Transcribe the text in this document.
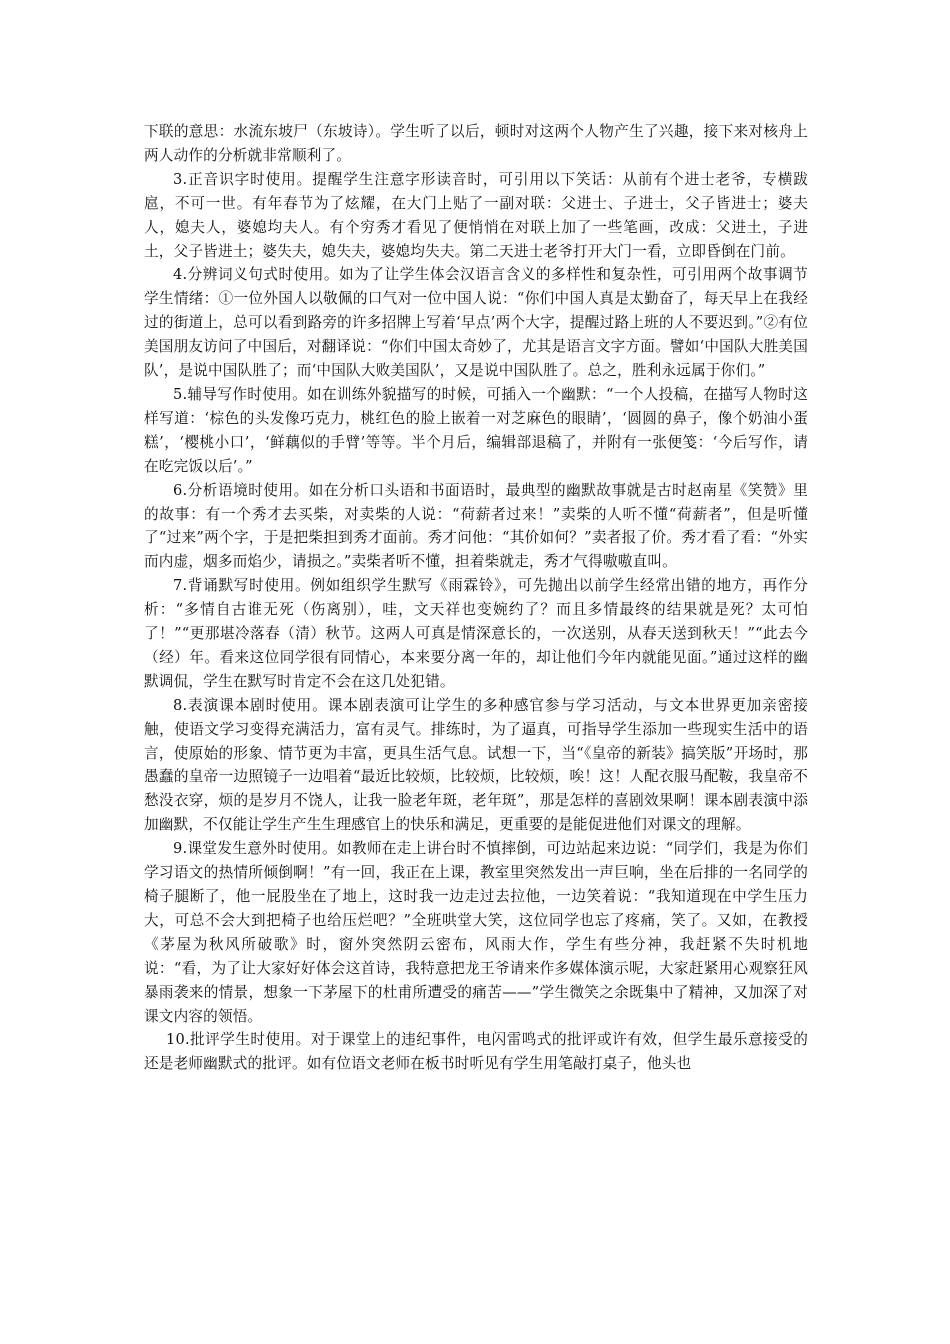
下联的意思：水流东坡尸（东坡诗）。学生听了以后，顿时对这两个人物产生了兴趣，接下来对核舟上两人动作的分析就非常顺利了。

3.正音识字时使用。提醒学生注意字形读音时，可引用以下笑话：从前有个进士老爷，专横跋扈，不可一世。有年春节为了炫耀，在大门上贴了一副对联：父进士、子进士，父子皆进士；婆夫人，媳夫人，婆媳均夫人。有个穷秀才看见了便悄悄在对联上加了一些笔画，改成：父进土，子进土，父子皆进土；婆失夫，媳失夫，婆媳均失夫。第二天进士老爷打开大门一看，立即昏倒在门前。

4.分辨词义句式时使用。如为了让学生体会汉语言含义的多样性和复杂性，可引用两个故事调节学生情绪：①一位外国人以敬佩的口气对一位中国人说：“你们中国人真是太勤奋了，每天早上在我经过的街道上，总可以看到路旁的许多招牌上写着‘早点’两个大字，提醒过路上班的人不要迟到。”②有位美国朋友访问了中国后，对翻译说：“你们中国太奇妙了，尤其是语言文字方面。譬如‘中国队大胜美国队’，是说中国队胜了；而‘中国队大败美国队’，又是说中国队胜了。总之，胜利永远属于你们。”

5.辅导写作时使用。如在训练外貌描写的时候，可插入一个幽默：“一个人投稿，在描写人物时这样写道：‘棕色的头发像巧克力，桃红色的脸上嵌着一对芝麻色的眼睛’，‘圆圆的鼻子，像个奶油小蛋糕’，‘樱桃小口’，‘鲜藕似的手臂’等等。半个月后，编辑部退稿了，并附有一张便笺：‘今后写作，请在吃完饭以后’。”

6.分析语境时使用。如在分析口头语和书面语时，最典型的幽默故事就是古时赵南星《笑赞》里的故事：有一个秀才去买柴，对卖柴的人说：“荷薪者过来！”卖柴的人听不懂“荷薪者”，但是听懂了“过来”两个字，于是把柴担到秀才面前。秀才问他：“其价如何？”卖者报了价。秀才看了看：“外实而内虚，烟多而焰少，请损之。”卖柴者听不懂，担着柴就走，秀才气得嗷嗷直叫。

7.背诵默写时使用。例如组织学生默写《雨霖铃》，可先抛出以前学生经常出错的地方，再作分析：“多情自古谁无死（伤离别），哇，文天祥也变婉约了？而且多情最终的结果就是死？太可怕了！”“更那堪冷落春（清）秋节。这两人可真是情深意长的，一次送别，从春天送到秋天！”“此去今（经）年。看来这位同学很有同情心，本来要分离一年的，却让他们今年内就能见面。”通过这样的幽默调侃，学生在默写时肯定不会在这几处犯错。

8.表演课本剧时使用。课本剧表演可让学生的多种感官参与学习活动，与文本世界更加亲密接触，使语文学习变得充满活力，富有灵气。排练时，为了逼真，可指导学生添加一些现实生活中的语言，使原始的形象、情节更为丰富，更具生活气息。试想一下，当“《皇帝的新装》搞笑版”开场时，那愚蠢的皇帝一边照镜子一边唱着“最近比较烦，比较烦，比较烦，唉！这！人配衣服马配鞍，我皇帝不愁没衣穿，烦的是岁月不饶人，让我一脸老年斑，老年斑”，那是怎样的喜剧效果啊！课本剧表演中添加幽默，不仅能让学生产生生理感官上的快乐和满足，更重要的是能促进他们对课文的理解。

9.课堂发生意外时使用。如教师在走上讲台时不慎摔倒，可边站起来边说：“同学们，我是为你们学习语文的热情所倾倒啊！”有一回，我正在上课，教室里突然发出一声巨响，坐在后排的一名同学的椅子腿断了，他一屁股坐在了地上，这时我一边走过去拉他，一边笑着说：“我知道现在中学生压力大，可总不会大到把椅子也给压烂吧？”全班哄堂大笑，这位同学也忘了疼痛，笑了。又如，在教授《茅屋为秋风所破歌》时，窗外突然阴云密布，风雨大作，学生有些分神，我赶紧不失时机地说：“看，为了让大家好好体会这首诗，我特意把龙王爷请来作多媒体演示呢，大家赶紧用心观察狂风暴雨袭来的情景，想象一下茅屋下的杜甫所遭受的痛苦——”学生微笑之余既集中了精神，又加深了对课文内容的领悟。

10.批评学生时使用。对于课堂上的违纪事件，电闪雷鸣式的批评或许有效，但学生最乐意接受的还是老师幽默式的批评。如有位语文老师在板书时听见有学生用笔敲打桌子，他头也
